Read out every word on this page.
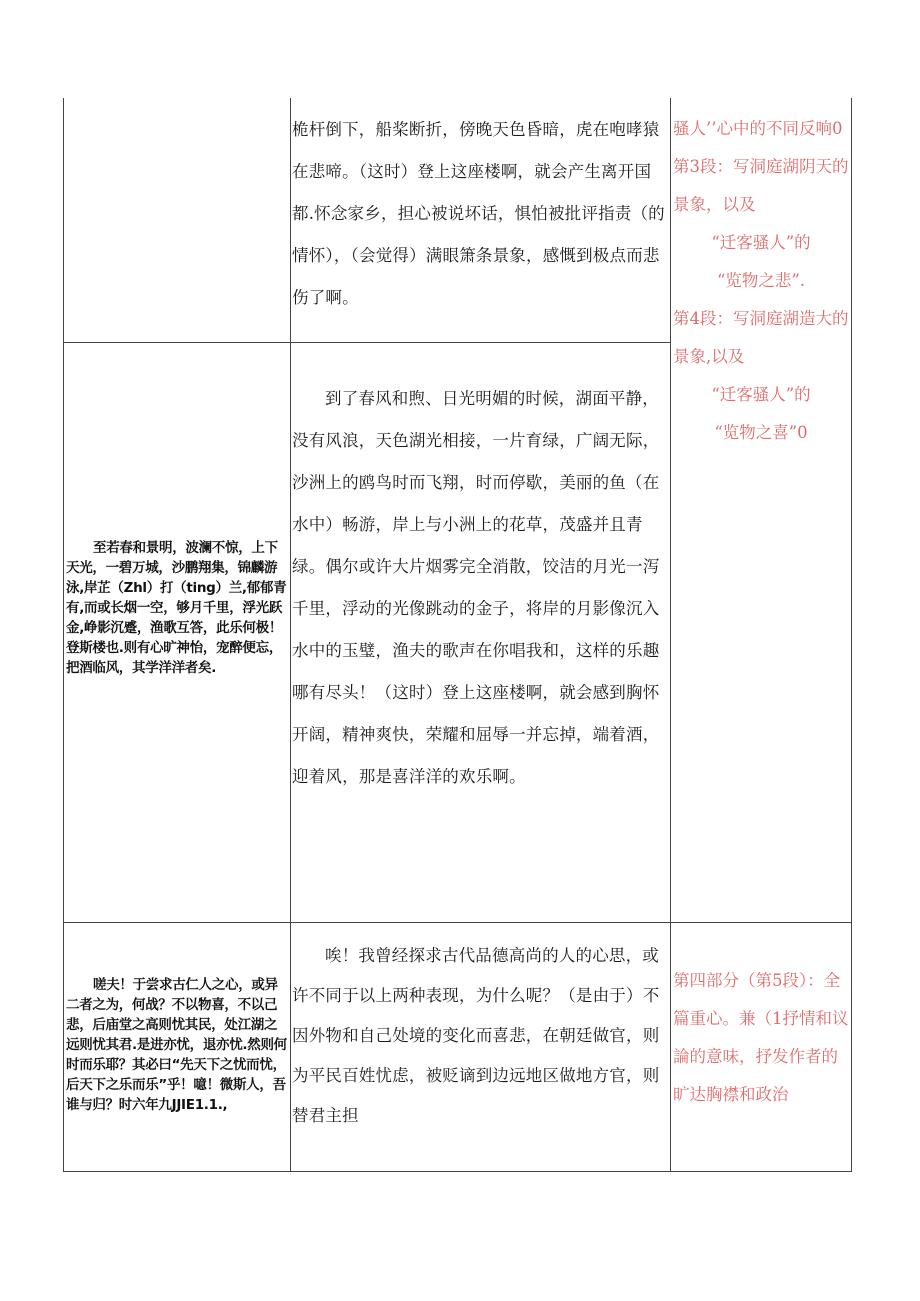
桅杆倒下，船桨断折，傍晚天色昏暗，虎在咆哮猿在悲啼。（这时）登上这座楼啊，就会产生离开国都.怀念家乡，担心被说坏话，惧怕被批评指责（的情怀），（会觉得）满眼箫条景象，感慨到极点而悲伤了啊。

骚人’’心中的不同反响0

第3段：写洞庭湖阴天的景象，以及

“迁客骚人”的

“览物之悲”.

第4段：写洞庭湖造大的景象,以及

“迁客骚人”的

“览物之喜”0

至若春和景明，波澜不惊，上下天光，一碧万城，沙鹏翔集，锦麟游泳,岸芷（Zhl）打（ting）兰,郁郁青有,而或长烟一空，够月千里，浮光跃金,峥影沉蹙，渔歌互答，此乐何极！登斯楼也.则有心旷神怡，宠醉便忘，把酒临风，其学洋洋者矣.

到了春风和煦、日光明媚的时候，湖面平静，没有风浪，天色湖光相接，一片育绿，广阔无际，沙洲上的鸥鸟时而飞翔，时而停歇，美丽的鱼（在水中）畅游，岸上与小洲上的花草，茂盛并且青绿。偶尔或许大片烟雾完全消散，饺洁的月光一泻千里，浮动的光像跳动的金子，将岸的月影像沉入水中的玉璧，渔夫的歌声在你唱我和，这样的乐趣哪有尽头！（这时）登上这座楼啊，就会感到胸怀开阔，精神爽快，荣耀和屈辱一并忘掉，端着酒，迎着风，那是喜洋洋的欢乐啊。

嗟夫！于尝求古仁人之心，或异二者之为，何战？不以物喜，不以己悲，后庙堂之高则忧其民，处江湖之远则忧其君.是进亦忧，退亦忧.然则何时而乐耶？其必曰“先天下之忧而忧，后天下之乐而乐”乎！噫！微斯人，吾谁与归？时六年九JJIE1.1.,

唉！我曾经探求古代品德高尚的人的心思，或许不同于以上两种表现，为什么呢？（是由于）不因外物和自己处境的变化而喜悲，在朝廷做官，则为平民百姓忧虑，被贬谪到边远地区做地方官，则替君主担

第四部分（第5段）：全篇重心。兼（1抒情和议論的意味，抒发作者的旷达胸襟和政治
